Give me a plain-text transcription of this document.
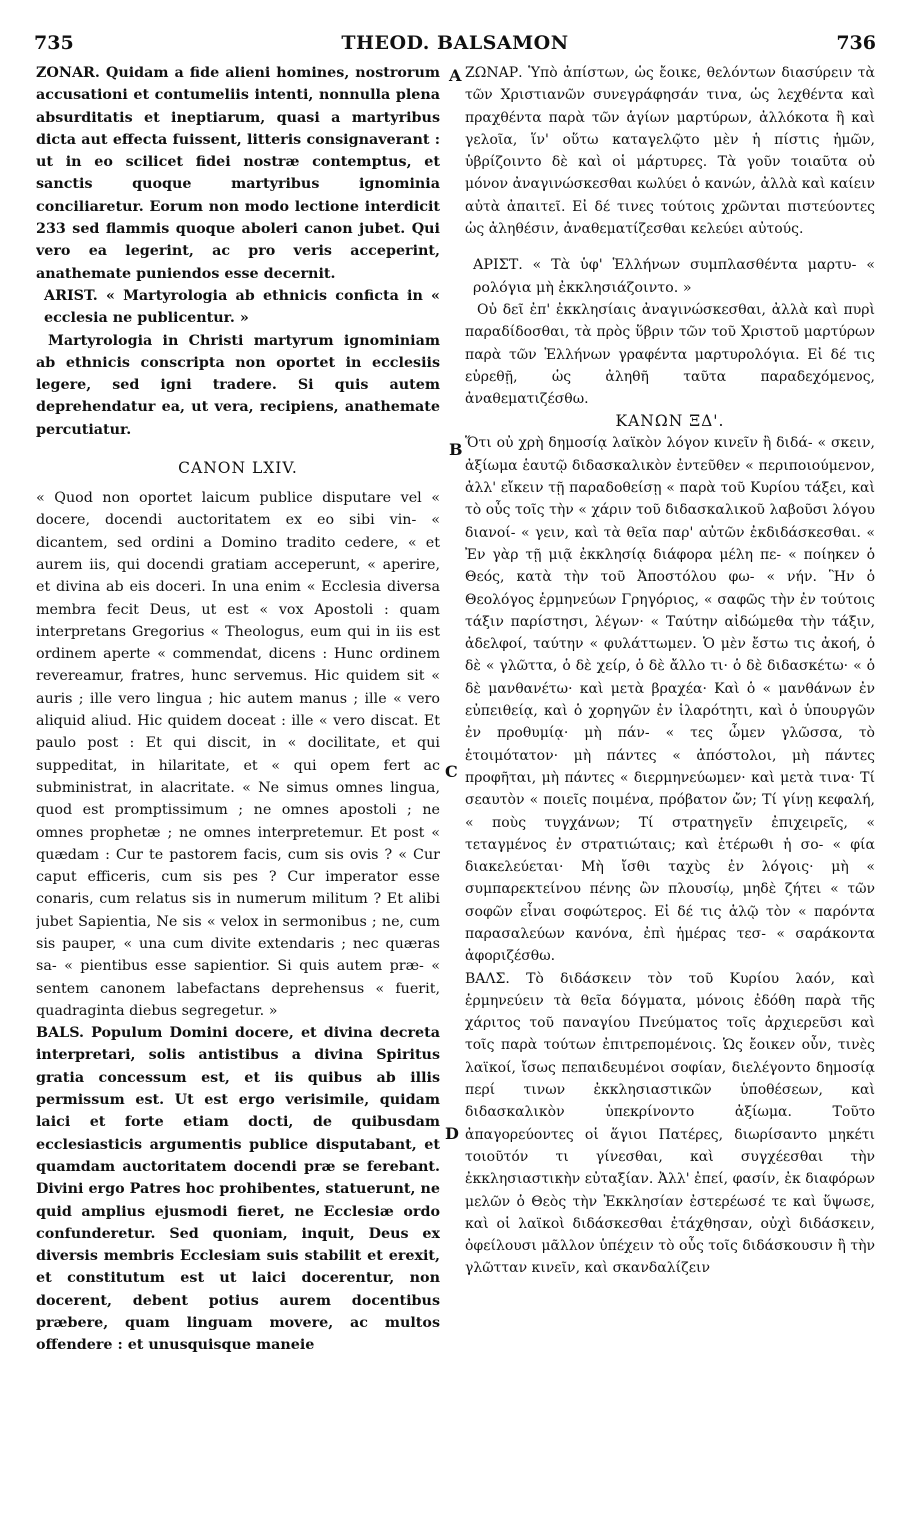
735	THEOD. BALSAMON	736
A
B
C
D

ZONAR. Quidam a fide alieni homines, nostrorum accusationi et contumeliis intenti, nonnulla plena absurditatis et ineptiarum, quasi a martyribus dicta aut effecta fuissent, litteris consignaverant : ut in eo scilicet fidei nostræ contemptus, et sanctis quoque martyribus ignominia conciliaretur. Eorum non modo lectione interdicit 233 sed flammis quoque aboleri canon jubet. Qui vero ea legerint, ac pro veris acceperint, anathemate puniendos esse decernit.

ARIST. « Martyrologia ab ethnicis conficta in « ecclesia ne publicentur. »

Martyrologia in Christi martyrum ignominiam ab ethnicis conscripta non oportet in ecclesiis legere, sed igni tradere. Si quis autem deprehendatur ea, ut vera, recipiens, anathemate percutiatur.

CANON LXIV.

« Quod non oportet laicum publice disputare vel « docere, docendi auctoritatem ex eo sibi vin- « dicantem, sed ordini a Domino tradito cedere, « et aurem iis, qui docendi gratiam acceperunt, « aperire, et divina ab eis doceri. In una enim « Ecclesia diversa membra fecit Deus, ut est « vox Apostoli : quam interpretans Gregorius « Theologus, eum qui in iis est ordinem aperte « commendat, dicens : Hunc ordinem revereamur, fratres, hunc servemus. Hic quidem sit « auris ; ille vero lingua ; hic autem manus ; ille « vero aliquid aliud. Hic quidem doceat : ille « vero discat. Et paulo post : Et qui discit, in « docilitate, et qui suppeditat, in hilaritate, et « qui opem fert ac subministrat, in alacritate. « Ne simus omnes lingua, quod est promptissimum ; ne omnes apostoli ; ne omnes prophetæ ; ne omnes interpretemur. Et post « quædam : Cur te pastorem facis, cum sis ovis ? « Cur caput efficeris, cum sis pes ? Cur imperator esse conaris, cum relatus sis in numerum militum ? Et alibi jubet Sapientia, Ne sis « velox in sermonibus ; ne, cum sis pauper, « una cum divite extendaris ; nec quæras sa- « pientibus esse sapientior. Si quis autem præ- « sentem canonem labefactans deprehensus « fuerit, quadraginta diebus segregetur. »

BALS. Populum Domini docere, et divina decreta interpretari, solis antistibus a divina Spiritus gratia concessum est, et iis quibus ab illis permissum est. Ut est ergo verisimile, quidam laici et forte etiam docti, de quibusdam ecclesiasticis argumentis publice disputabant, et quamdam auctoritatem docendi præ se ferebant. Divini ergo Patres hoc prohibentes, statuerunt, ne quid amplius ejusmodi fieret, ne Ecclesiæ ordo confunderetur. Sed quoniam, inquit, Deus ex diversis membris Ecclesiam suis stabilit et erexit, et constitutum est ut laici docerentur, non docerent, debent potius aurem docentibus præbere, quam linguam movere, ac multos offendere : et unusquisque maneie

ΖΩΝΑΡ. Ὑπὸ ἀπίστων, ὡς ἔοικε, θελόντων διασύρειν τὰ τῶν Χριστιανῶν συνεγράφησάν τινα, ὡς λεχθέντα καὶ πραχθέντα παρὰ τῶν ἁγίων μαρτύρων, ἀλλόκοτα ἢ καὶ γελοῖα, ἵν' οὕτω καταγελῷτο μὲν ἡ πίστις ἡμῶν, ὑβρίζοιντο δὲ καὶ οἱ μάρτυρες. Τὰ γοῦν τοιαῦτα οὐ μόνον ἀναγινώσκεσθαι κωλύει ὁ κανών, ἀλλὰ καὶ καίειν αὐτὰ ἀπαιτεῖ. Εἰ δέ τινες τούτοις χρῶνται πιστεύοντες ὡς ἀληθέσιν, ἀναθεματίζεσθαι κελεύει αὐτούς.

ΑΡΙΣΤ. « Τὰ ὑφ' Ἑλλήνων συμπλασθέντα μαρτυ- « ρολόγια μὴ ἐκκλησιάζοιντο. »

Οὐ δεῖ ἐπ' ἐκκλησίαις ἀναγινώσκεσθαι, ἀλλὰ καὶ πυρὶ παραδίδοσθαι, τὰ πρὸς ὕβριν τῶν τοῦ Χριστοῦ μαρτύρων παρὰ τῶν Ἑλλήνων γραφέντα μαρτυρολόγια. Εἰ δέ τις εὑρεθῇ, ὡς ἀληθῆ ταῦτα παραδεχόμενος, ἀναθεματιζέσθω.

ΚΑΝΩΝ ΞΔ'.

Ὅτι οὐ χρὴ δημοσίᾳ λαϊκὸν λόγον κινεῖν ἢ διδά- « σκειν, ἀξίωμα ἑαυτῷ διδασκαλικὸν ἐντεῦθεν « περιποιούμενον, ἀλλ' εἴκειν τῇ παραδοθείσῃ « παρὰ τοῦ Κυρίου τάξει, καὶ τὸ οὖς τοῖς τὴν « χάριν τοῦ διδασκαλικοῦ λαβοῦσι λόγου διανοί- « γειν, καὶ τὰ θεῖα παρ' αὐτῶν ἐκδιδάσκεσθαι. « Ἐν γὰρ τῇ μιᾷ ἐκκλησίᾳ διάφορα μέλη πε- « ποίηκεν ὁ Θεός, κατὰ τὴν τοῦ Ἀποστόλου φω- « νήν. Ἣν ὁ Θεολόγος ἑρμηνεύων Γρηγόριος, « σαφῶς τὴν ἐν τούτοις τάξιν παρίστησι, λέγων· « Ταύτην αἰδώμεθα τὴν τάξιν, ἀδελφοί, ταύτην « φυλάττωμεν. Ὁ μὲν ἔστω τις ἀκοή, ὁ δὲ « γλῶττα, ὁ δὲ χείρ, ὁ δὲ ἄλλο τι· ὁ δὲ διδασκέτω· « ὁ δὲ μανθανέτω· καὶ μετὰ βραχέα· Καὶ ὁ « μανθάνων ἐν εὐπειθείᾳ, καὶ ὁ χορηγῶν ἐν ἱλαρότητι, καὶ ὁ ὑπουργῶν ἐν προθυμίᾳ· μὴ πάν- « τες ὦμεν γλῶσσα, τὸ ἑτοιμότατον· μὴ πάντες « ἀπόστολοι, μὴ πάντες προφῆται, μὴ πάντες « διερμηνεύωμεν· καὶ μετὰ τινα· Τί σεαυτὸν « ποιεῖς ποιμένα, πρόβατον ὤν; Τί γίνῃ κεφαλή, « ποὺς τυγχάνων; Τί στρατηγεῖν ἐπιχειρεῖς, « τεταγμένος ἐν στρατιώταις; καὶ ἑτέρωθι ἡ σο- « φία διακελεύεται· Μὴ ἴσθι ταχὺς ἐν λόγοις· μὴ « συμπαρεκτείνου πένης ὢν πλουσίῳ, μηδὲ ζήτει « τῶν σοφῶν εἶναι σοφώτερος. Εἰ δέ τις ἁλῷ τὸν « παρόντα παρασαλεύων κανόνα, ἐπὶ ἡμέρας τεσ- « σαράκοντα ἀφοριζέσθω.

ΒΑΛΣ. Τὸ διδάσκειν τὸν τοῦ Κυρίου λαόν, καὶ ἑρμηνεύειν τὰ θεῖα δόγματα, μόνοις ἐδόθη παρὰ τῆς χάριτος τοῦ παναγίου Πνεύματος τοῖς ἀρχιερεῦσι καὶ τοῖς παρὰ τούτων ἐπιτρεπομένοις. Ὡς ἔοικεν οὖν, τινὲς λαϊκοί, ἴσως πεπαιδευμένοι σοφίαν, διελέγοντο δημοσίᾳ περί τινων ἐκκλησιαστικῶν ὑποθέσεων, καὶ διδασκαλικὸν ὑπεκρίνοντο ἀξίωμα. Τοῦτο ἀπαγορεύοντες οἱ ἅγιοι Πατέρες, διωρίσαντο μηκέτι τοιοῦτόν τι γίνεσθαι, καὶ συγχέεσθαι τὴν ἐκκλησιαστικὴν εὐταξίαν. Ἀλλ' ἐπεί, φασίν, ἐκ διαφόρων μελῶν ὁ Θεὸς τὴν Ἐκκλησίαν ἐστερέωσέ τε καὶ ὕψωσε, καὶ οἱ λαϊκοὶ διδάσκεσθαι ἐτάχθησαν, οὐχὶ διδάσκειν, ὀφείλουσι μᾶλλον ὑπέχειν τὸ οὖς τοῖς διδάσκουσιν ἢ τὴν γλῶτταν κινεῖν, καὶ σκανδαλίζειν
